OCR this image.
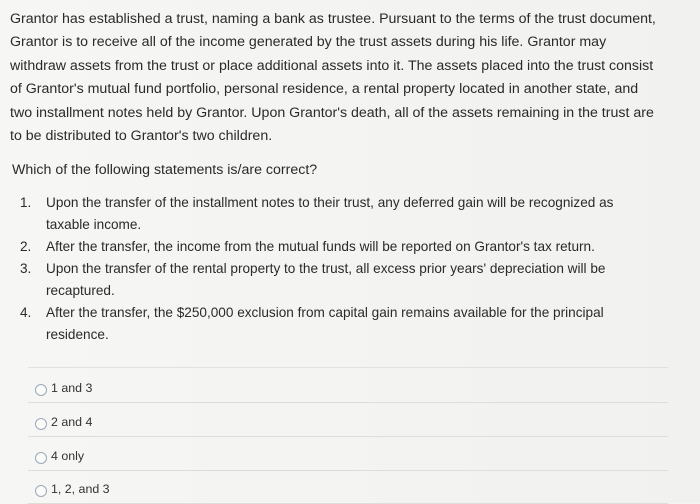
Grantor has established a trust, naming a bank as trustee. Pursuant to the terms of the trust document,
Grantor is to receive all of the income generated by the trust assets during his life. Grantor may
withdraw assets from the trust or place additional assets into it. The assets placed into the trust consist
of Grantor's mutual fund portfolio, personal residence, a rental property located in another state, and
two installment notes held by Grantor. Upon Grantor's death, all of the assets remaining in the trust are
to be distributed to Grantor's two children.
Which of the following statements is/are correct?
1. Upon the transfer of the installment notes to their trust, any deferred gain will be recognized as
taxable income.
2. After the transfer, the income from the mutual funds will be reported on Grantor's tax return.
3. Upon the transfer of the rental property to the trust, all excess prior years' depreciation will be
recaptured.
4. After the transfer, the $250,000 exclusion from capital gain remains available for the principal
residence.
1 and 3
2 and 4
4 only
1, 2, and 3
